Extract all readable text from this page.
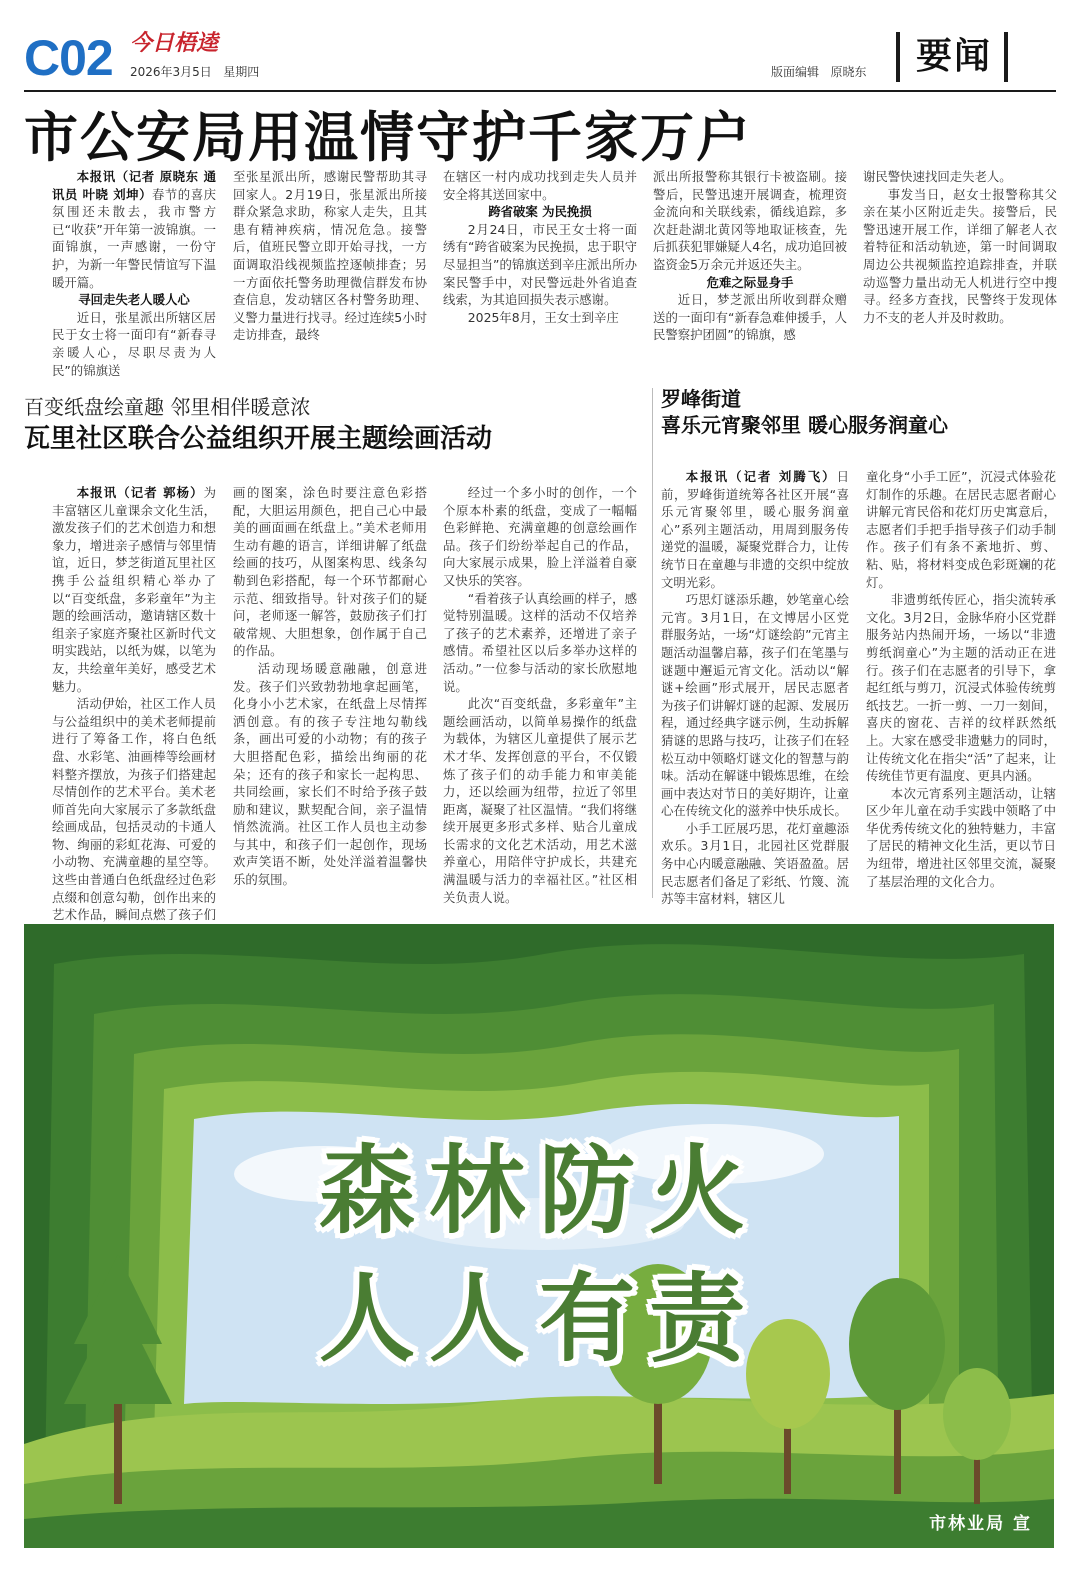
C02 今日梧逵
2026年3月5日 星期四	版面编辑 原晓东	要闻
市公安局用温情守护千家万户

本报讯（记者 原晓东 通讯员 叶晓 刘坤）春节的喜庆氛围还未散去，我市警方已“收获”开年第一波锦旗。一面锦旗，一声感谢，一份守护，为新一年警民情谊写下温暖开篇。

寻回走失老人暖人心

近日，张星派出所辖区居民于女士将一面印有“新春寻亲暖人心，尽职尽责为人民”的锦旗送

至张星派出所，感谢民警帮助其寻回家人。2月19日，张星派出所接群众紧急求助，称家人走失，且其患有精神疾病，情况危急。接警后，值班民警立即开始寻找，一方面调取沿线视频监控逐帧排查；另一方面依托警务助理微信群发布协查信息，发动辖区各村警务助理、义警力量进行找寻。经过连续5小时走访排查，最终

在辖区一村内成功找到走失人员并安全将其送回家中。

跨省破案 为民挽损

2月24日，市民王女士将一面绣有“跨省破案为民挽损，忠于职守尽显担当”的锦旗送到辛庄派出所办案民警手中，对民警远赴外省追查线索，为其追回损失表示感谢。

2025年8月，王女士到辛庄

派出所报警称其银行卡被盗刷。接警后，民警迅速开展调查，梳理资金流向和关联线索，循线追踪，多次赶赴湖北黄冈等地取证核查，先后抓获犯罪嫌疑人4名，成功追回被盗资金5万余元并返还失主。

危难之际显身手

近日，梦芝派出所收到群众赠送的一面印有“新春急难伸援手，人民警察护团圆”的锦旗，感

谢民警快速找回走失老人。

事发当日，赵女士报警称其父亲在某小区附近走失。接警后，民警迅速开展工作，详细了解老人衣着特征和活动轨迹，第一时间调取周边公共视频监控追踪排查，并联动巡警力量出动无人机进行空中搜寻。经多方查找，民警终于发现体力不支的老人并及时救助。

百变纸盘绘童趣 邻里相伴暖意浓
瓦里社区联合公益组织开展主题绘画活动

本报讯（记者 郭杨）为丰富辖区儿童课余文化生活，激发孩子们的艺术创造力和想象力，增进亲子感情与邻里情谊，近日，梦芝街道瓦里社区携手公益组织精心举办了以“百变纸盘，多彩童年”为主题的绘画活动，邀请辖区数十组亲子家庭齐聚社区新时代文明实践站，以纸为媒，以笔为友，共绘童年美好，感受艺术魅力。

活动伊始，社区工作人员与公益组织中的美术老师提前进行了筹备工作，将白色纸盘、水彩笔、油画棒等绘画材料整齐摆放，为孩子们搭建起尽情创作的艺术平台。美术老师首先向大家展示了多款纸盘绘画成品，包括灵动的卡通人物、绚丽的彩虹花海、可爱的小动物、充满童趣的星空等。这些由普通白色纸盘经过色彩点缀和创意勾勒，创作出来的艺术作品，瞬间点燃了孩子们

画的图案，涂色时要注意色彩搭配，大胆运用颜色，把自己心中最美的画面画在纸盘上。”美术老师用生动有趣的语言，详细讲解了纸盘绘画的技巧，从图案构思、线条勾勒到色彩搭配，每一个环节都耐心示范、细致指导。针对孩子们的疑问，老师逐一解答，鼓励孩子们打破常规、大胆想象，创作属于自己的作品。

活动现场暖意融融，创意进发。孩子们兴致勃勃地拿起画笔，化身小小艺术家，在纸盘上尽情挥洒创意。有的孩子专注地勾勒线条，画出可爱的小动物；有的孩子大胆搭配色彩，描绘出绚丽的花朵；还有的孩子和家长一起构思、共同绘画，家长们不时给予孩子鼓励和建议，默契配合间，亲子温情悄然流淌。社区工作人员也主动参与其中，和孩子们一起创作，现场欢声笑语不断，处处洋溢着温馨快乐的氛围。

经过一个多小时的创作，一个个原本朴素的纸盘，变成了一幅幅色彩鲜艳、充满童趣的创意绘画作品。孩子们纷纷举起自己的作品，向大家展示成果，脸上洋溢着自豪又快乐的笑容。

“看着孩子认真绘画的样子，感觉特别温暖。这样的活动不仅培养了孩子的艺术素养，还增进了亲子感情。希望社区以后多举办这样的活动。”一位参与活动的家长欣慰地说。

此次“百变纸盘，多彩童年”主题绘画活动，以简单易操作的纸盘为载体，为辖区儿童提供了展示艺术才华、发挥创意的平台，不仅锻炼了孩子们的动手能力和审美能力，还以绘画为纽带，拉近了邻里距离，凝聚了社区温情。“我们将继续开展更多形式多样、贴合儿童成长需求的文化艺术活动，用艺术滋养童心，用陪伴守护成长，共建充满温暖与活力的幸福社区。”社区相关负责人说。

罗峰街道
喜乐元宵聚邻里 暖心服务润童心

本报讯（记者 刘腾飞）日前，罗峰街道统筹各社区开展“喜乐元宵聚邻里，暖心服务润童心”系列主题活动，用周到服务传递党的温暖，凝聚党群合力，让传统节日在童趣与非遗的交织中绽放文明光彩。

巧思灯谜添乐趣，妙笔童心绘元宵。3月1日，在文博居小区党群服务站，一场“灯谜绘韵”元宵主题活动温馨启幕，孩子们在笔墨与谜题中邂逅元宵文化。活动以“解谜+绘画”形式展开，居民志愿者为孩子们讲解灯谜的起源、发展历程，通过经典字谜示例，生动拆解猜谜的思路与技巧，让孩子们在轻松互动中领略灯谜文化的智慧与韵味。活动在解谜中锻炼思维，在绘画中表达对节日的美好期许，让童心在传统文化的滋养中快乐成长。

小手工匠展巧思，花灯童趣添欢乐。3月1日，北园社区党群服务中心内暖意融融、笑语盈盈。居民志愿者们备足了彩纸、竹篾、流苏等丰富材料，辖区儿

童化身“小手工匠”，沉浸式体验花灯制作的乐趣。在居民志愿者耐心讲解元宵民俗和花灯历史寓意后，志愿者们手把手指导孩子们动手制作。孩子们有条不紊地折、剪、粘、贴，将材料变成色彩斑斓的花灯。

非遗剪纸传匠心，指尖流转承文化。3月2日，金脉华府小区党群服务站内热闹开场，一场以“非遗剪纸润童心”为主题的活动正在进行。孩子们在志愿者的引导下，拿起红纸与剪刀，沉浸式体验传统剪纸技艺。一折一剪、一刀一刻间，喜庆的窗花、吉祥的纹样跃然纸上。大家在感受非遗魅力的同时，让传统文化在指尖“活”了起来，让传统佳节更有温度、更具内涵。

本次元宵系列主题活动，让辖区少年儿童在动手实践中领略了中华优秀传统文化的独特魅力，丰富了居民的精神文化生活，更以节日为纽带，增进社区邻里交流，凝聚了基层治理的文化合力。

森林防火
人人有责
市林业局 宣
